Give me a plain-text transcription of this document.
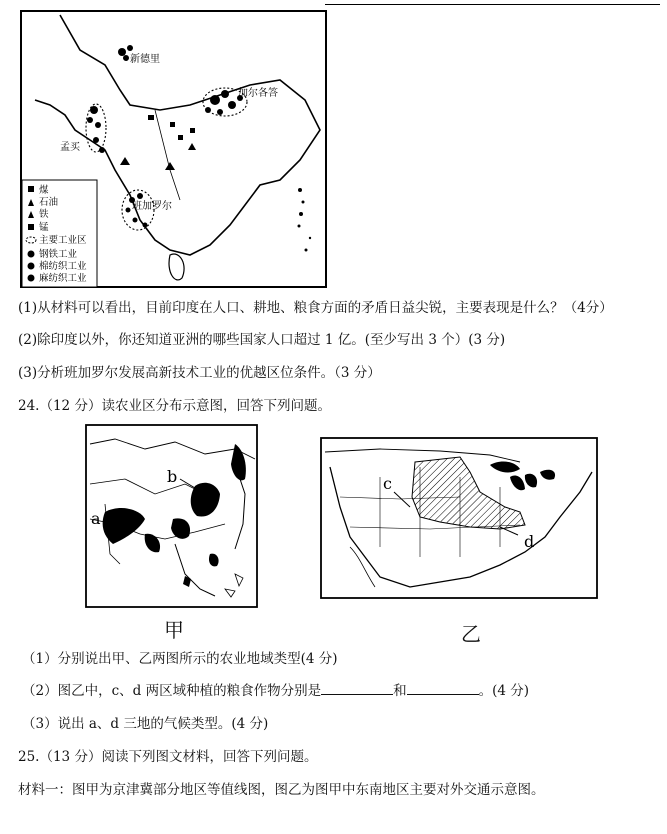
新德里
加尔各答
孟买
班加罗尔
煤
石油
铁
锰
主要工业区
钢铁工业
棉纺织工业
麻纺织工业
(1)从材料可以看出，目前印度在人口、耕地、粮食方面的矛盾日益尖锐，主要表现是什么？（4分）
(2)除印度以外，你还知道亚洲的哪些国家人口超过 1 亿。(至少写出 3 个）(3 分)
(3)分析班加罗尔发展高新技术工业的优越区位条件。（3 分）
24.（12 分）读农业区分布示意图，回答下列问题。
b
a
c
d
甲	乙
（1）分别说出甲、乙两图所示的农业地域类型(4 分)
（2）图乙中，c、d 两区域种植的粮食作物分别是	和	。(4 分)
（3）说出 a、d 三地的气候类型。(4 分)
25.（13 分）阅读下列图文材料，回答下列问题。
材料一：图甲为京津冀部分地区等值线图，图乙为图甲中东南地区主要对外交通示意图。
